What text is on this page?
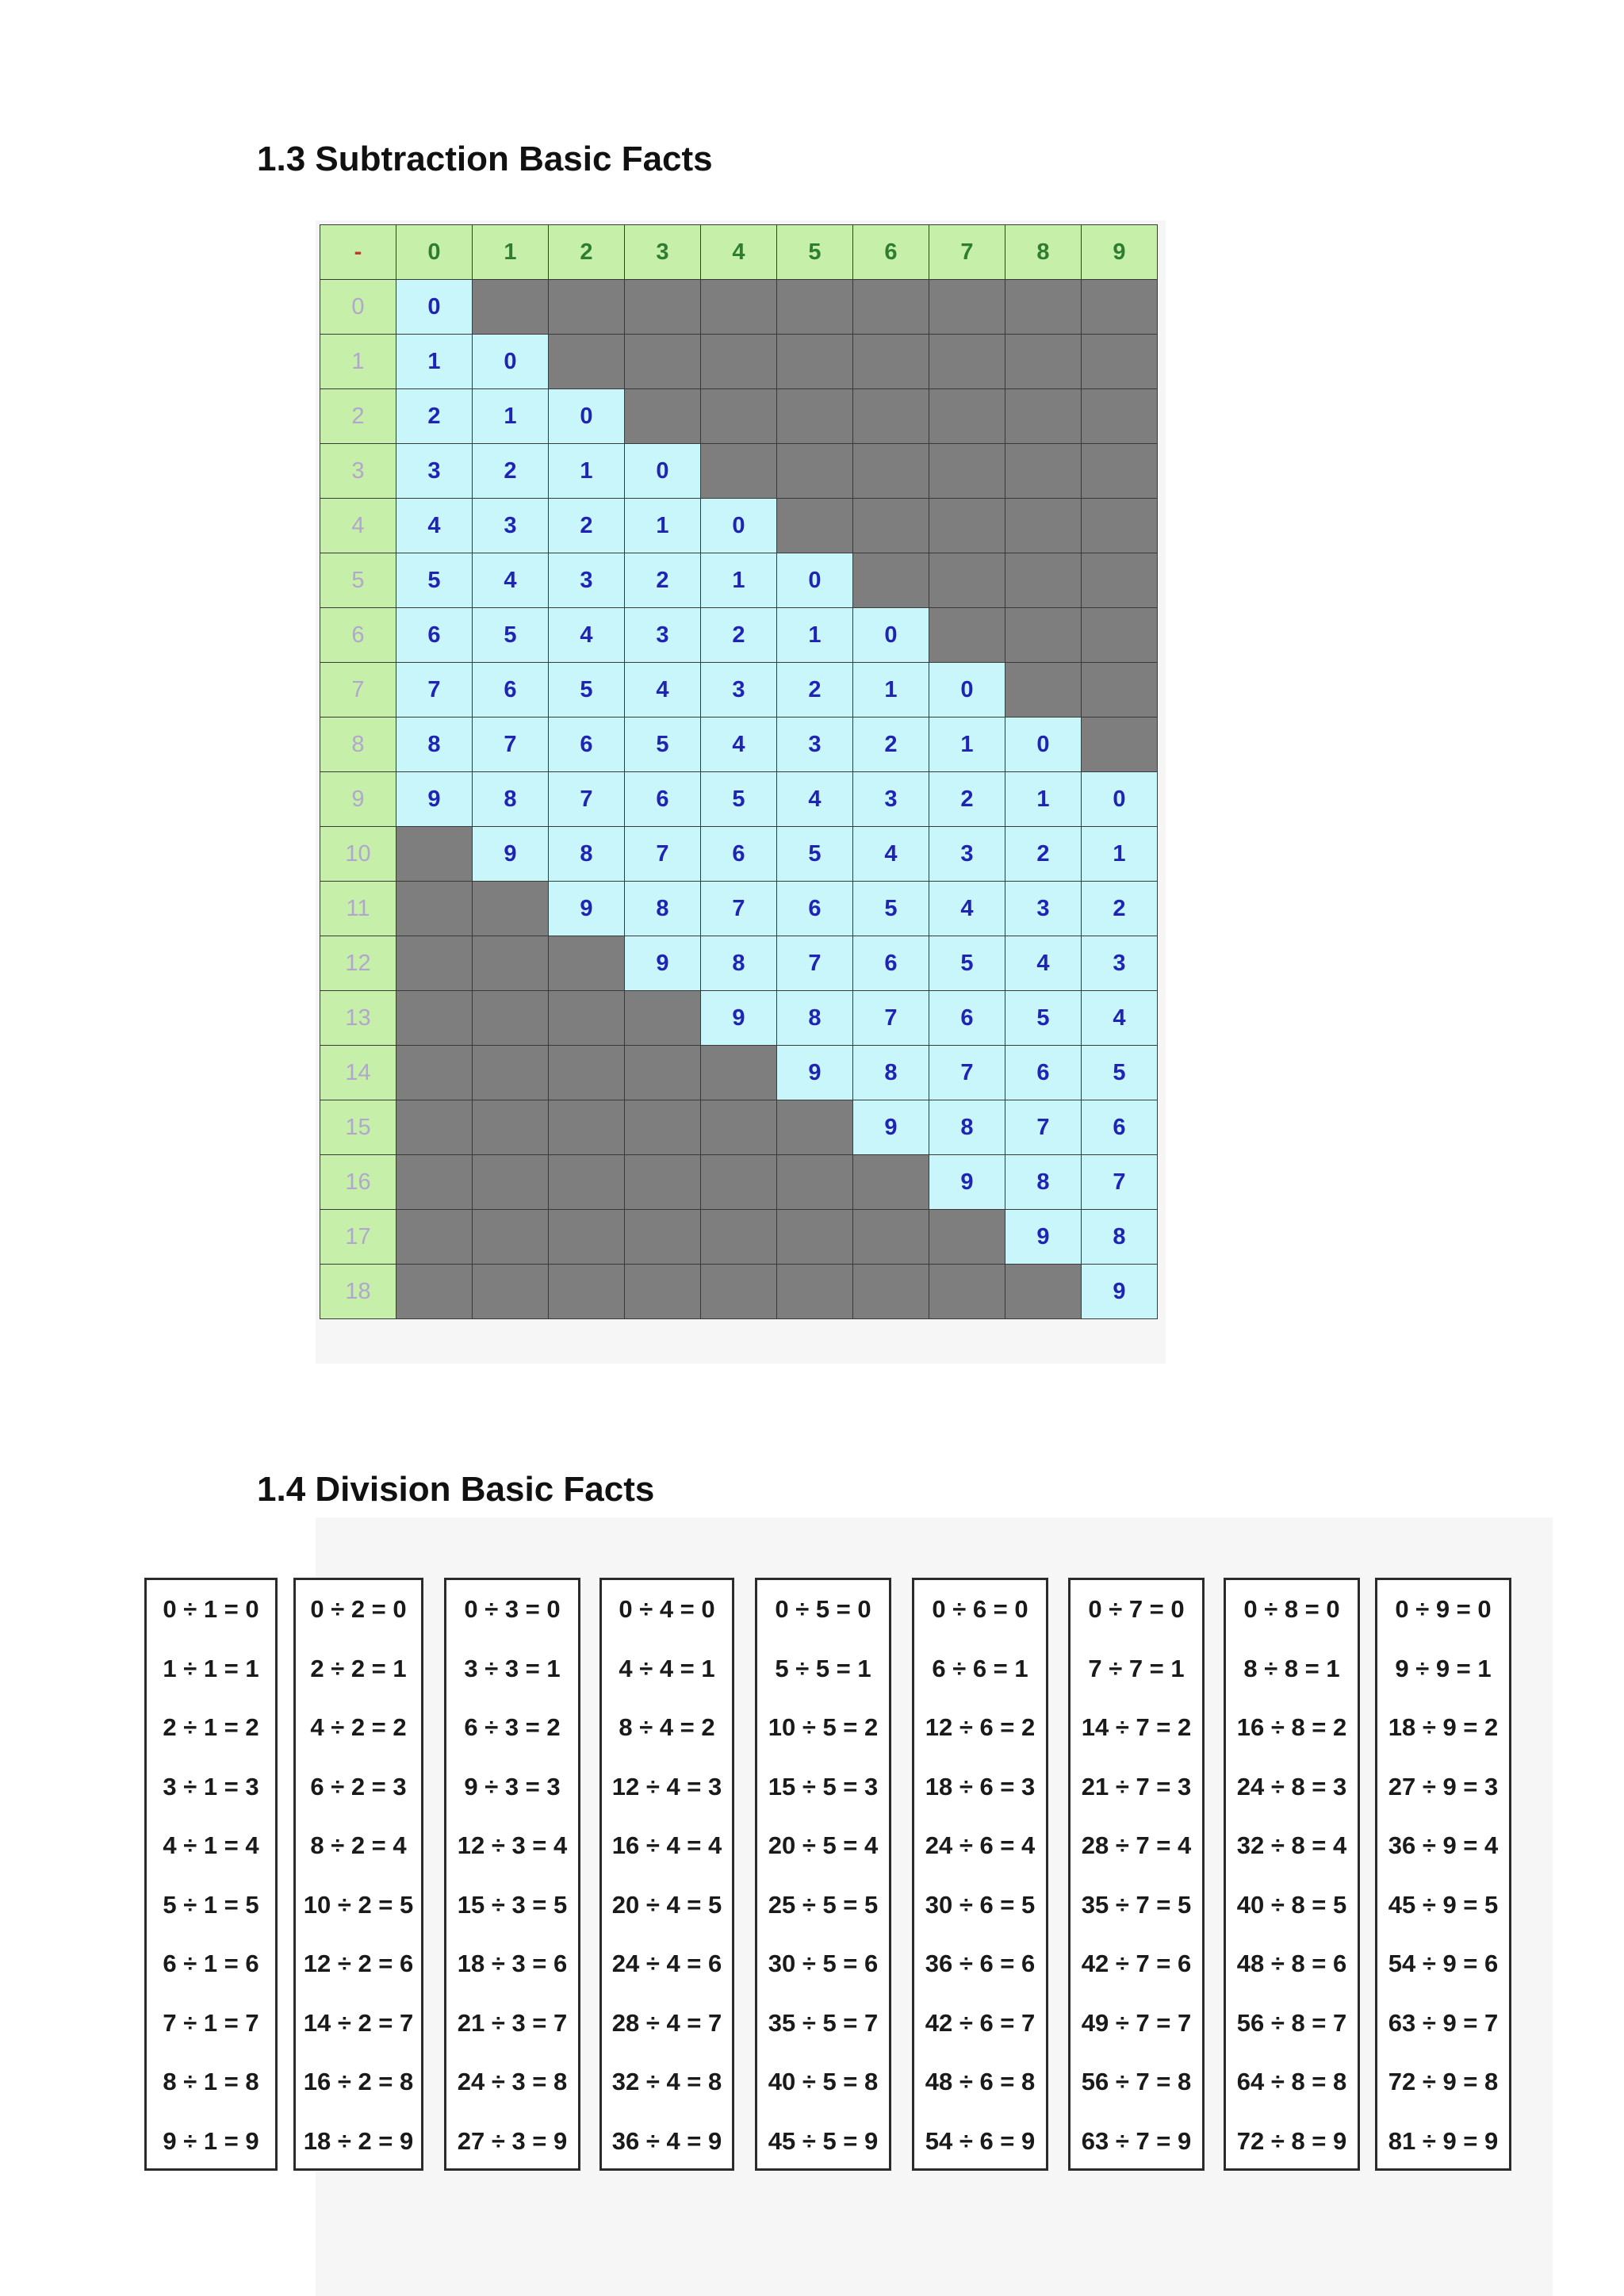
1.3 Subtraction Basic Facts
-	0	1	2	3	4	5	6	7	8	9
0	0									
1	1	0								
2	2	1	0							
3	3	2	1	0						
4	4	3	2	1	0					
5	5	4	3	2	1	0				
6	6	5	4	3	2	1	0			
7	7	6	5	4	3	2	1	0		
8	8	7	6	5	4	3	2	1	0	
9	9	8	7	6	5	4	3	2	1	0
10		9	8	7	6	5	4	3	2	1
11			9	8	7	6	5	4	3	2
12				9	8	7	6	5	4	3
13					9	8	7	6	5	4
14						9	8	7	6	5
15							9	8	7	6
16								9	8	7
17									9	8
18										9
1.4 Division Basic Facts
0 ÷ 1 = 0
1 ÷ 1 = 1
2 ÷ 1 = 2
3 ÷ 1 = 3
4 ÷ 1 = 4
5 ÷ 1 = 5
6 ÷ 1 = 6
7 ÷ 1 = 7
8 ÷ 1 = 8
9 ÷ 1 = 9
0 ÷ 2 = 0
2 ÷ 2 = 1
4 ÷ 2 = 2
6 ÷ 2 = 3
8 ÷ 2 = 4
10 ÷ 2 = 5
12 ÷ 2 = 6
14 ÷ 2 = 7
16 ÷ 2 = 8
18 ÷ 2 = 9
0 ÷ 3 = 0
3 ÷ 3 = 1
6 ÷ 3 = 2
9 ÷ 3 = 3
12 ÷ 3 = 4
15 ÷ 3 = 5
18 ÷ 3 = 6
21 ÷ 3 = 7
24 ÷ 3 = 8
27 ÷ 3 = 9
0 ÷ 4 = 0
4 ÷ 4 = 1
8 ÷ 4 = 2
12 ÷ 4 = 3
16 ÷ 4 = 4
20 ÷ 4 = 5
24 ÷ 4 = 6
28 ÷ 4 = 7
32 ÷ 4 = 8
36 ÷ 4 = 9
0 ÷ 5 = 0
5 ÷ 5 = 1
10 ÷ 5 = 2
15 ÷ 5 = 3
20 ÷ 5 = 4
25 ÷ 5 = 5
30 ÷ 5 = 6
35 ÷ 5 = 7
40 ÷ 5 = 8
45 ÷ 5 = 9
0 ÷ 6 = 0
6 ÷ 6 = 1
12 ÷ 6 = 2
18 ÷ 6 = 3
24 ÷ 6 = 4
30 ÷ 6 = 5
36 ÷ 6 = 6
42 ÷ 6 = 7
48 ÷ 6 = 8
54 ÷ 6 = 9
0 ÷ 7 = 0
7 ÷ 7 = 1
14 ÷ 7 = 2
21 ÷ 7 = 3
28 ÷ 7 = 4
35 ÷ 7 = 5
42 ÷ 7 = 6
49 ÷ 7 = 7
56 ÷ 7 = 8
63 ÷ 7 = 9
0 ÷ 8 = 0
8 ÷ 8 = 1
16 ÷ 8 = 2
24 ÷ 8 = 3
32 ÷ 8 = 4
40 ÷ 8 = 5
48 ÷ 8 = 6
56 ÷ 8 = 7
64 ÷ 8 = 8
72 ÷ 8 = 9
0 ÷ 9 = 0
9 ÷ 9 = 1
18 ÷ 9 = 2
27 ÷ 9 = 3
36 ÷ 9 = 4
45 ÷ 9 = 5
54 ÷ 9 = 6
63 ÷ 9 = 7
72 ÷ 9 = 8
81 ÷ 9 = 9
